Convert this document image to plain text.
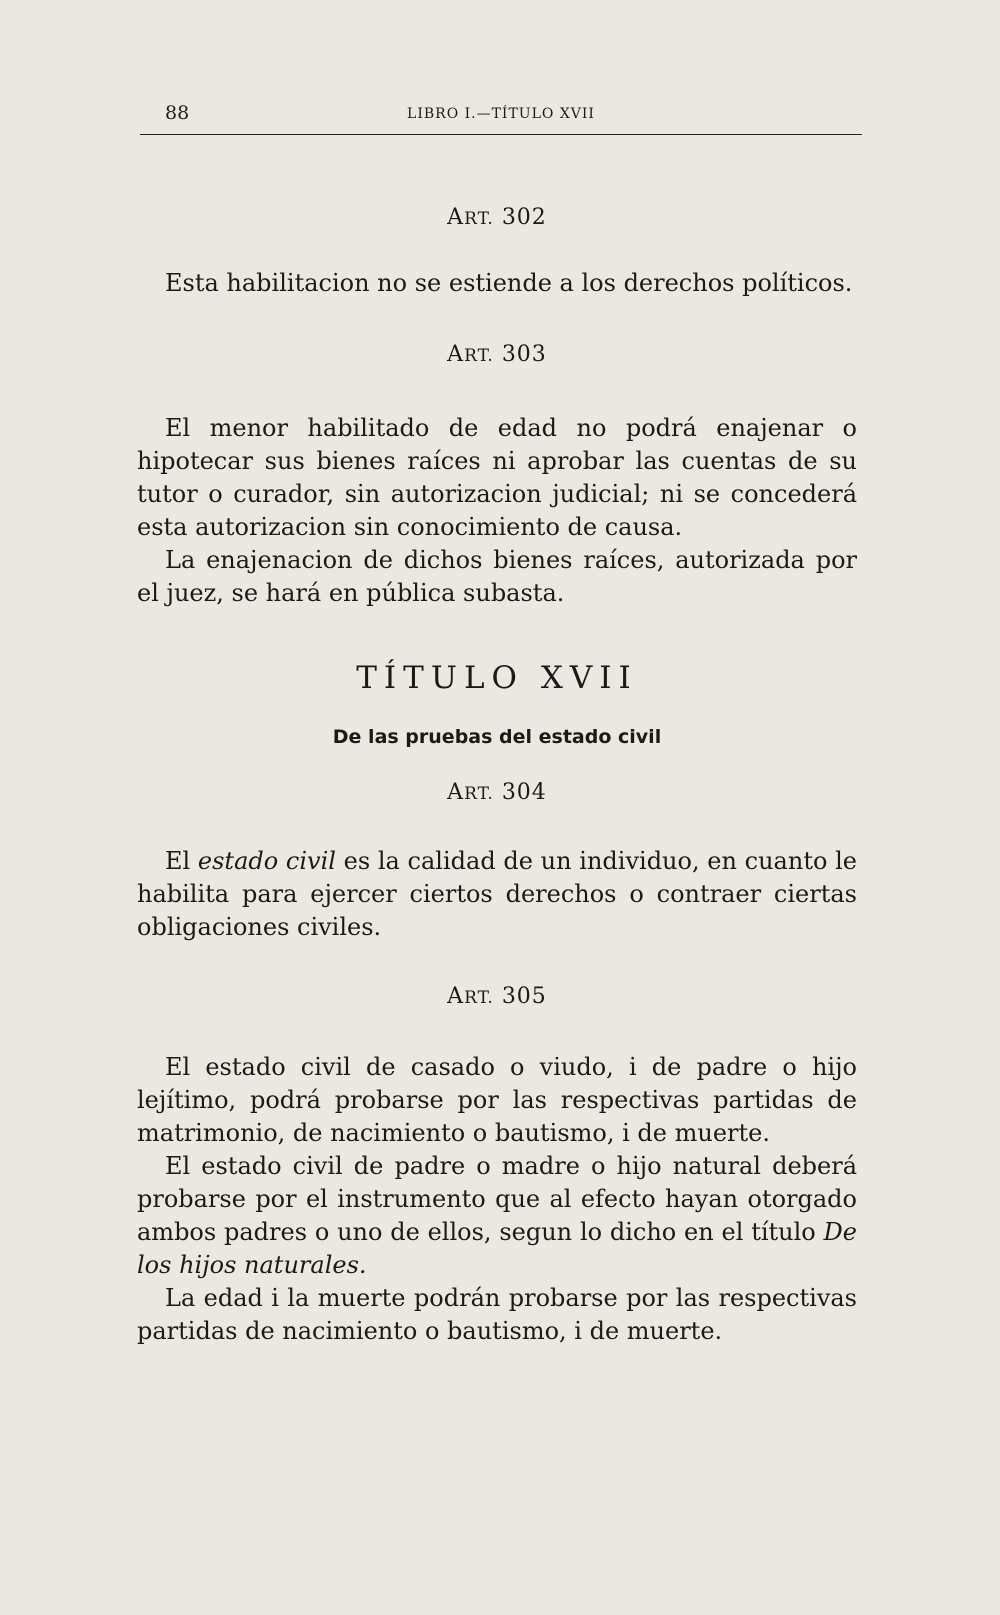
88	LIBRO I.—TÍTULO XVII

ART. 302

Esta habilitacion no se estiende a los derechos políticos.

ART. 303

El menor habilitado de edad no podrá enajenar o hipotecar sus bienes raíces ni aprobar las cuentas de su tutor o curador, sin autorizacion judicial; ni se concederá esta autorizacion sin conocimiento de causa.

La enajenacion de dichos bienes raíces, autorizada por el juez, se hará en pública subasta.

TÍTULO XVII

De las pruebas del estado civil

ART. 304

El estado civil es la calidad de un individuo, en cuanto le habilita para ejercer ciertos derechos o contraer ciertas obligaciones civiles.

ART. 305

El estado civil de casado o viudo, i de padre o hijo lejítimo, podrá probarse por las respectivas partidas de matrimonio, de nacimiento o bautismo, i de muerte.

El estado civil de padre o madre o hijo natural deberá probarse por el instrumento que al efecto hayan otorgado ambos padres o uno de ellos, segun lo dicho en el título De los hijos naturales.

La edad i la muerte podrán probarse por las respectivas partidas de nacimiento o bautismo, i de muerte.
